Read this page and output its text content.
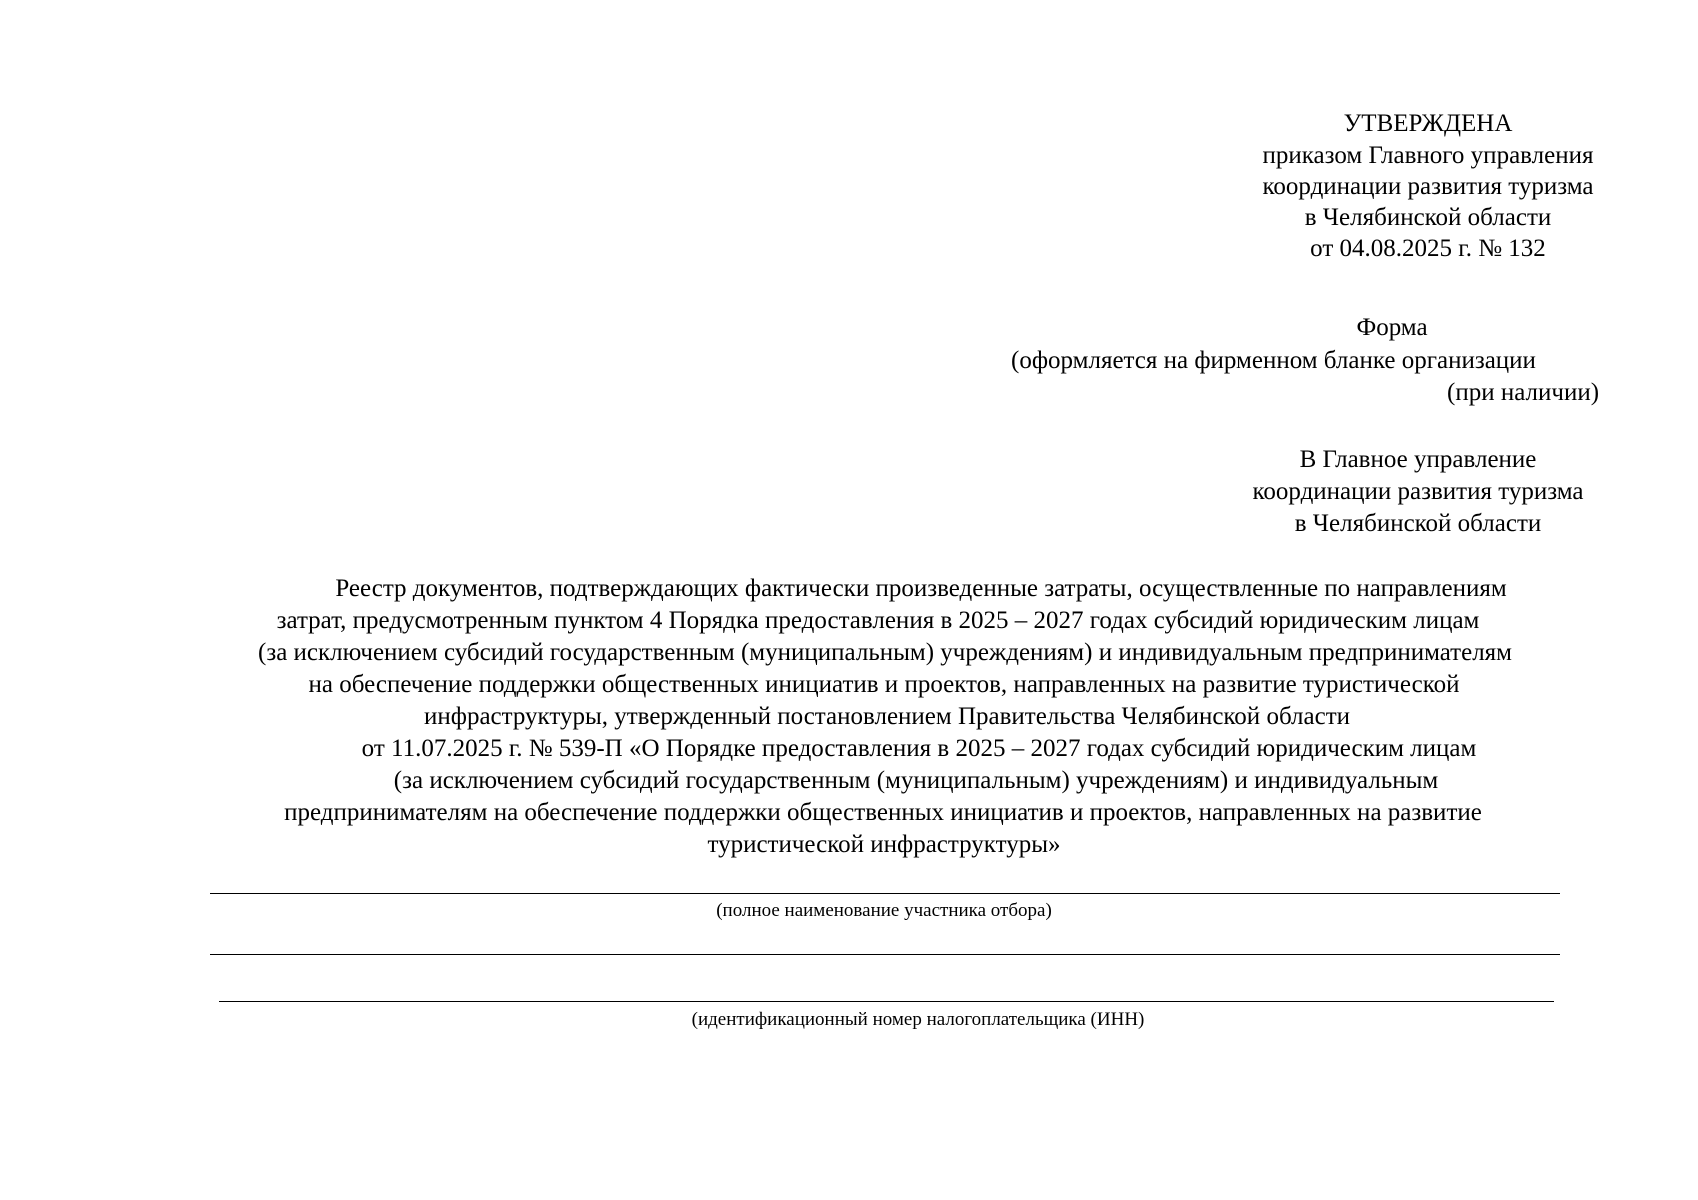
УТВЕРЖДЕНА
приказом Главного управления
координации развития туризма
в Челябинской области
от 04.08.2025 г. № 132
Форма
(оформляется на фирменном бланке организации
(при наличии)
В Главное управление
координации развития туризма
в Челябинской области
Реестр документов, подтверждающих фактически произведенные затраты, осуществленные по направлениям
затрат, предусмотренным пунктом 4 Порядка предоставления в 2025 – 2027 годах субсидий юридическим лицам
(за исключением субсидий государственным (муниципальным) учреждениям) и индивидуальным предпринимателям
на обеспечение поддержки общественных инициатив и проектов, направленных на развитие туристической
инфраструктуры, утвержденный постановлением Правительства Челябинской области
от 11.07.2025 г. № 539-П «О Порядке предоставления в 2025 – 2027 годах субсидий юридическим лицам
(за исключением субсидий государственным (муниципальным) учреждениям) и индивидуальным
предпринимателям на обеспечение поддержки общественных инициатив и проектов, направленных на развитие
туристической инфраструктуры»
(полное наименование участника отбора)
(идентификационный номер налогоплательщика (ИНН)
